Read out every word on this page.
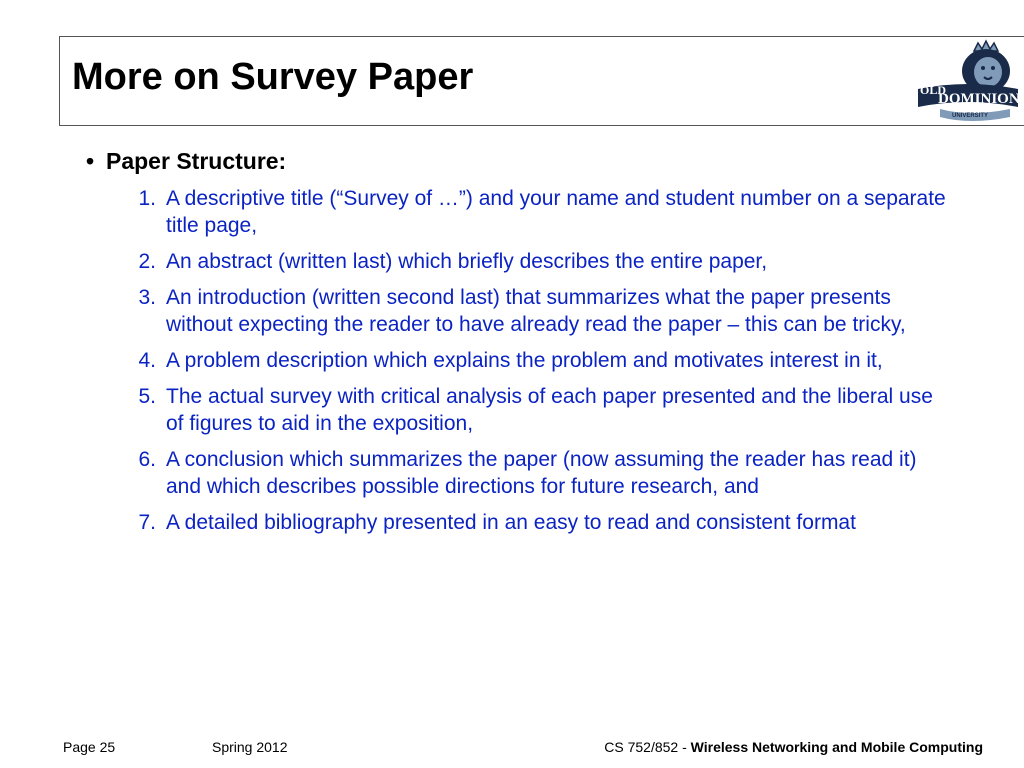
More on Survey Paper	OLD
DOMINION
UNIVERSITY
• Paper Structure:
1. A descriptive title (“Survey of …”) and your name and student number on a separate title page,
2. An abstract (written last) which briefly describes the entire paper,
3. An introduction (written second last) that summarizes what the paper presents without expecting the reader to have already read the paper – this can be tricky,
4. A problem description which explains the problem and motivates interest in it,
5. The actual survey with critical analysis of each paper presented and the liberal use of figures to aid in the exposition,
6. A conclusion which summarizes the paper (now assuming the reader has read it) and which describes possible directions for future research, and
7. A detailed bibliography presented in an easy to read and consistent format
Page 25	Spring 2012	CS 752/852 - Wireless Networking and Mobile Computing
